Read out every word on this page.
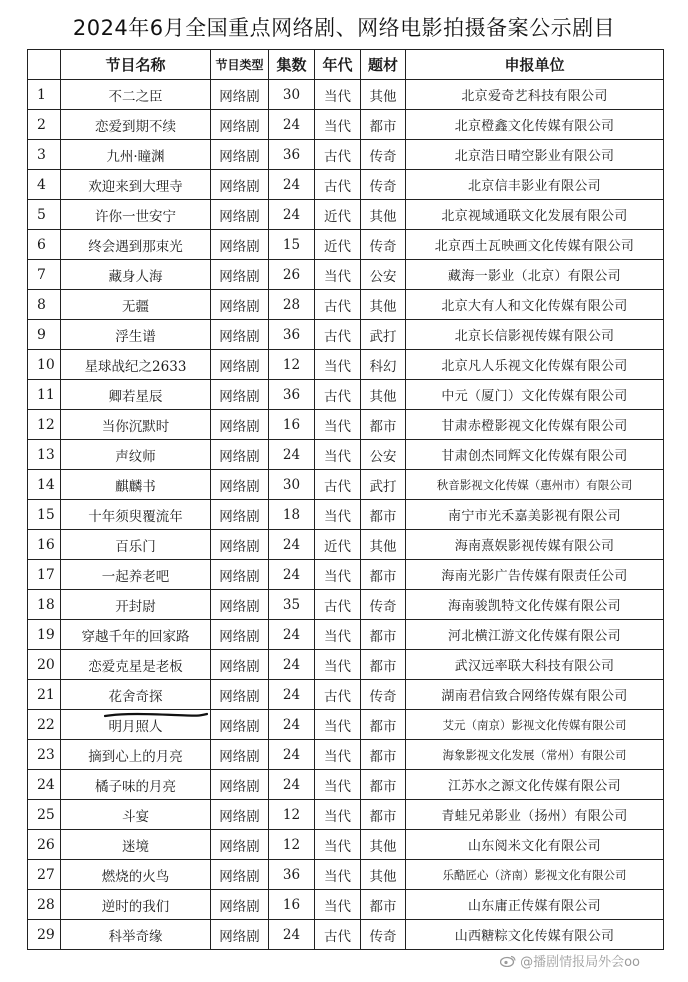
2024年6月全国重点网络剧、网络电影拍摄备案公示剧目
	节目名称	节目类型	集数	年代	题材	申报单位
1	不二之臣	网络剧	30	当代	其他	北京爱奇艺科技有限公司
2	恋爱到期不续	网络剧	24	当代	都市	北京橙鑫文化传媒有限公司
3	九州·瞳渊	网络剧	36	古代	传奇	北京浩日晴空影业有限公司
4	欢迎来到大理寺	网络剧	24	古代	传奇	北京信丰影业有限公司
5	许你一世安宁	网络剧	24	近代	其他	北京视域通联文化发展有限公司
6	终会遇到那束光	网络剧	15	近代	传奇	北京西土瓦映画文化传媒有限公司
7	藏身人海	网络剧	26	当代	公安	藏海一影业（北京）有限公司
8	无疆	网络剧	28	古代	其他	北京大有人和文化传媒有限公司
9	浮生谱	网络剧	36	古代	武打	北京长信影视传媒有限公司
10	星球战纪之2633	网络剧	12	当代	科幻	北京凡人乐视文化传媒有限公司
11	卿若星辰	网络剧	36	古代	其他	中元（厦门）文化传媒有限公司
12	当你沉默时	网络剧	16	当代	都市	甘肃赤橙影视文化传媒有限公司
13	声纹师	网络剧	24	当代	公安	甘肃创杰同辉文化传媒有限公司
14	麒麟书	网络剧	30	古代	武打	秋音影视文化传媒（惠州市）有限公司
15	十年须臾覆流年	网络剧	18	当代	都市	南宁市光禾嘉美影视有限公司
16	百乐门	网络剧	24	近代	其他	海南熹娱影视传媒有限公司
17	一起养老吧	网络剧	24	当代	都市	海南光影广告传媒有限责任公司
18	开封尉	网络剧	35	古代	传奇	海南骏凯特文化传媒有限公司
19	穿越千年的回家路	网络剧	24	当代	都市	河北横江游文化传媒有限公司
20	恋爱克星是老板	网络剧	24	当代	都市	武汉远率联大科技有限公司
21	花舍奇探	网络剧	24	古代	传奇	湖南君信致合网络传媒有限公司
22	明月照人	网络剧	24	当代	都市	艾元（南京）影视文化传媒有限公司
23	摘到心上的月亮	网络剧	24	当代	都市	海象影视文化发展（常州）有限公司
24	橘子味的月亮	网络剧	24	当代	都市	江苏水之源文化传媒有限公司
25	斗宴	网络剧	12	当代	都市	青蛙兄弟影业（扬州）有限公司
26	迷境	网络剧	12	当代	其他	山东阅米文化有限公司
27	燃烧的火鸟	网络剧	36	当代	其他	乐酷匠心（济南）影视文化有限公司
28	逆时的我们	网络剧	16	当代	都市	山东庸正传媒有限公司
29	科举奇缘	网络剧	24	古代	传奇	山西糖粽文化传媒有限公司
@播剧情报局外会oo
